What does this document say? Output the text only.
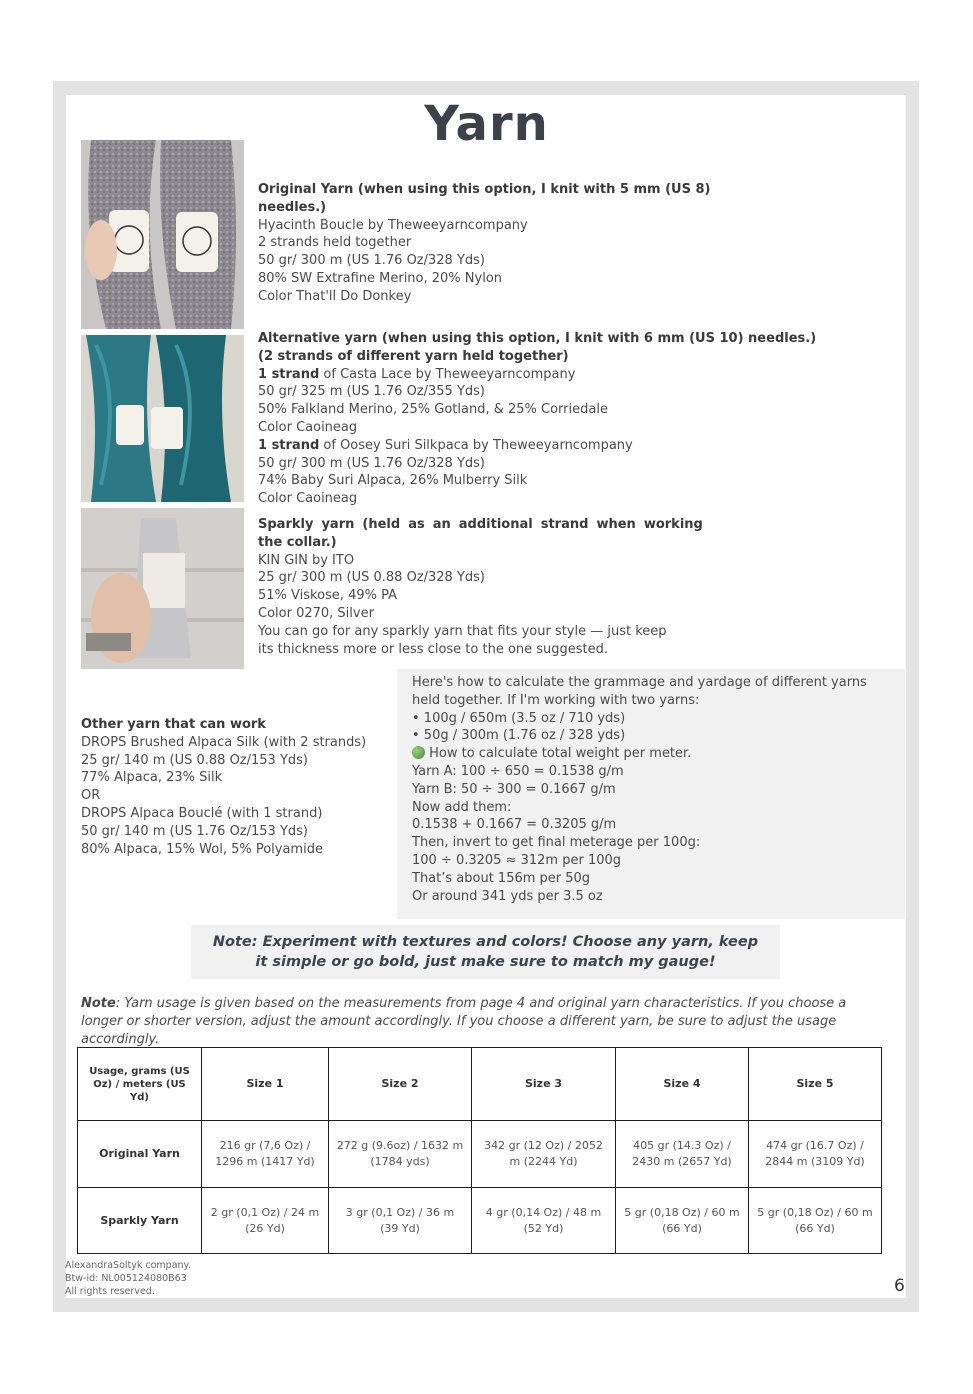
Yarn
Original Yarn (when using this option, I knit with 5 mm (US 8)
needles.)
Hyacinth Boucle by Theweeyarncompany
2 strands held together
50 gr/ 300 m (US 1.76 Oz/328 Yds)
80% SW Extrafine Merino, 20% Nylon
Color That'll Do Donkey
Alternative yarn (when using this option, I knit with 6 mm (US 10) needles.)
(2 strands of different yarn held together)
1 strand of Casta Lace by Theweeyarncompany
50 gr/ 325 m (US 1.76 Oz/355 Yds)
50% Falkland Merino, 25% Gotland, & 25% Corriedale
Color Caoineag
1 strand of Oosey Suri Silkpaca by Theweeyarncompany
50 gr/ 300 m (US 1.76 Oz/328 Yds)
74% Baby Suri Alpaca, 26% Mulberry Silk
Color Caoineag
Sparkly yarn (held as an additional strand when working
the collar.)
KIN GIN by ITO
25 gr/ 300 m (US 0.88 Oz/328 Yds)
51% Viskose, 49% PA
Color 0270, Silver
You can go for any sparkly yarn that fits your style — just keep
its thickness more or less close to the one suggested.
Other yarn that can work
DROPS Brushed Alpaca Silk (with 2 strands)
25 gr/ 140 m (US 0.88 Oz/153 Yds)
77% Alpaca, 23% Silk
OR
DROPS Alpaca Bouclé (with 1 strand)
50 gr/ 140 m (US 1.76 Oz/153 Yds)
80% Alpaca, 15% Wol, 5% Polyamide
Here's how to calculate the grammage and yardage of different yarns
held together. If I'm working with two yarns:
• 100g / 650m (3.5 oz / 710 yds)
• 50g / 300m (1.76 oz / 328 yds)
How to calculate total weight per meter.
Yarn A: 100 ÷ 650 = 0.1538 g/m
Yarn B: 50 ÷ 300 = 0.1667 g/m
Now add them:
0.1538 + 0.1667 = 0.3205 g/m
Then, invert to get final meterage per 100g:
100 ÷ 0.3205 ≈ 312m per 100g
That’s about 156m per 50g
Or around 341 yds per 3.5 oz
Note: Experiment with textures and colors! Choose any yarn, keep
it simple or go bold, just make sure to match my gauge!
Note: Yarn usage is given based on the measurements from page 4 and original yarn characteristics. If you choose a longer or shorter version, adjust the amount accordingly. If you choose a different yarn, be sure to adjust the usage accordingly.
Usage, grams (US Oz) / meters (US Yd)	Size 1	Size 2	Size 3	Size 4	Size 5
Original Yarn	216 gr (7,6 Oz) / 1296 m (1417 Yd)	272 g (9.6oz) / 1632 m (1784 yds)	342 gr (12 Oz) / 2052 m (2244 Yd)	405 gr (14.3 Oz) / 2430 m (2657 Yd)	474 gr (16.7 Oz) / 2844 m (3109 Yd)
Sparkly Yarn	2 gr (0,1 Oz) / 24 m (26 Yd)	3 gr (0,1 Oz) / 36 m (39 Yd)	4 gr (0,14 Oz) / 48 m (52 Yd)	5 gr (0,18 Oz) / 60 m (66 Yd)	5 gr (0,18 Oz) / 60 m (66 Yd)
AlexandraSoltyk company.
Btw-id: NL005124080B63
All rights reserved.	6
